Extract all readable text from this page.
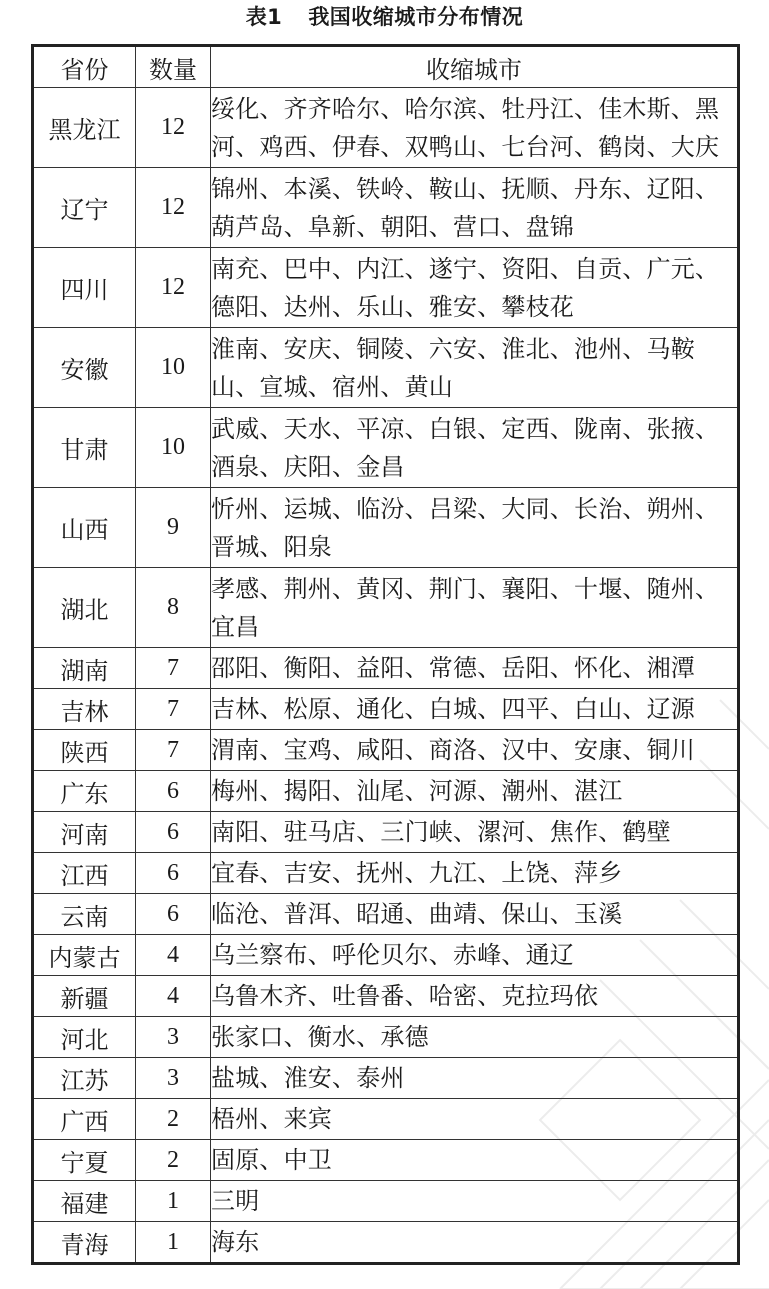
表1 我国收缩城市分布情况
省份	数量	收缩城市
黑龙江	12	绥化、齐齐哈尔、哈尔滨、牡丹江、佳木斯、黑河、鸡西、伊春、双鸭山、七台河、鹤岗、大庆
辽宁	12	锦州、本溪、铁岭、鞍山、抚顺、丹东、辽阳、葫芦岛、阜新、朝阳、营口、盘锦
四川	12	南充、巴中、内江、遂宁、资阳、自贡、广元、德阳、达州、乐山、雅安、攀枝花
安徽	10	淮南、安庆、铜陵、六安、淮北、池州、马鞍山、宣城、宿州、黄山
甘肃	10	武威、天水、平凉、白银、定西、陇南、张掖、酒泉、庆阳、金昌
山西	9	忻州、运城、临汾、吕梁、大同、长治、朔州、晋城、阳泉
湖北	8	孝感、荆州、黄冈、荆门、襄阳、十堰、随州、宜昌
湖南	7	邵阳、衡阳、益阳、常德、岳阳、怀化、湘潭
吉林	7	吉林、松原、通化、白城、四平、白山、辽源
陕西	7	渭南、宝鸡、咸阳、商洛、汉中、安康、铜川
广东	6	梅州、揭阳、汕尾、河源、潮州、湛江
河南	6	南阳、驻马店、三门峡、漯河、焦作、鹤壁
江西	6	宜春、吉安、抚州、九江、上饶、萍乡
云南	6	临沧、普洱、昭通、曲靖、保山、玉溪
内蒙古	4	乌兰察布、呼伦贝尔、赤峰、通辽
新疆	4	乌鲁木齐、吐鲁番、哈密、克拉玛依
河北	3	张家口、衡水、承德
江苏	3	盐城、淮安、泰州
广西	2	梧州、来宾
宁夏	2	固原、中卫
福建	1	三明
青海	1	海东
